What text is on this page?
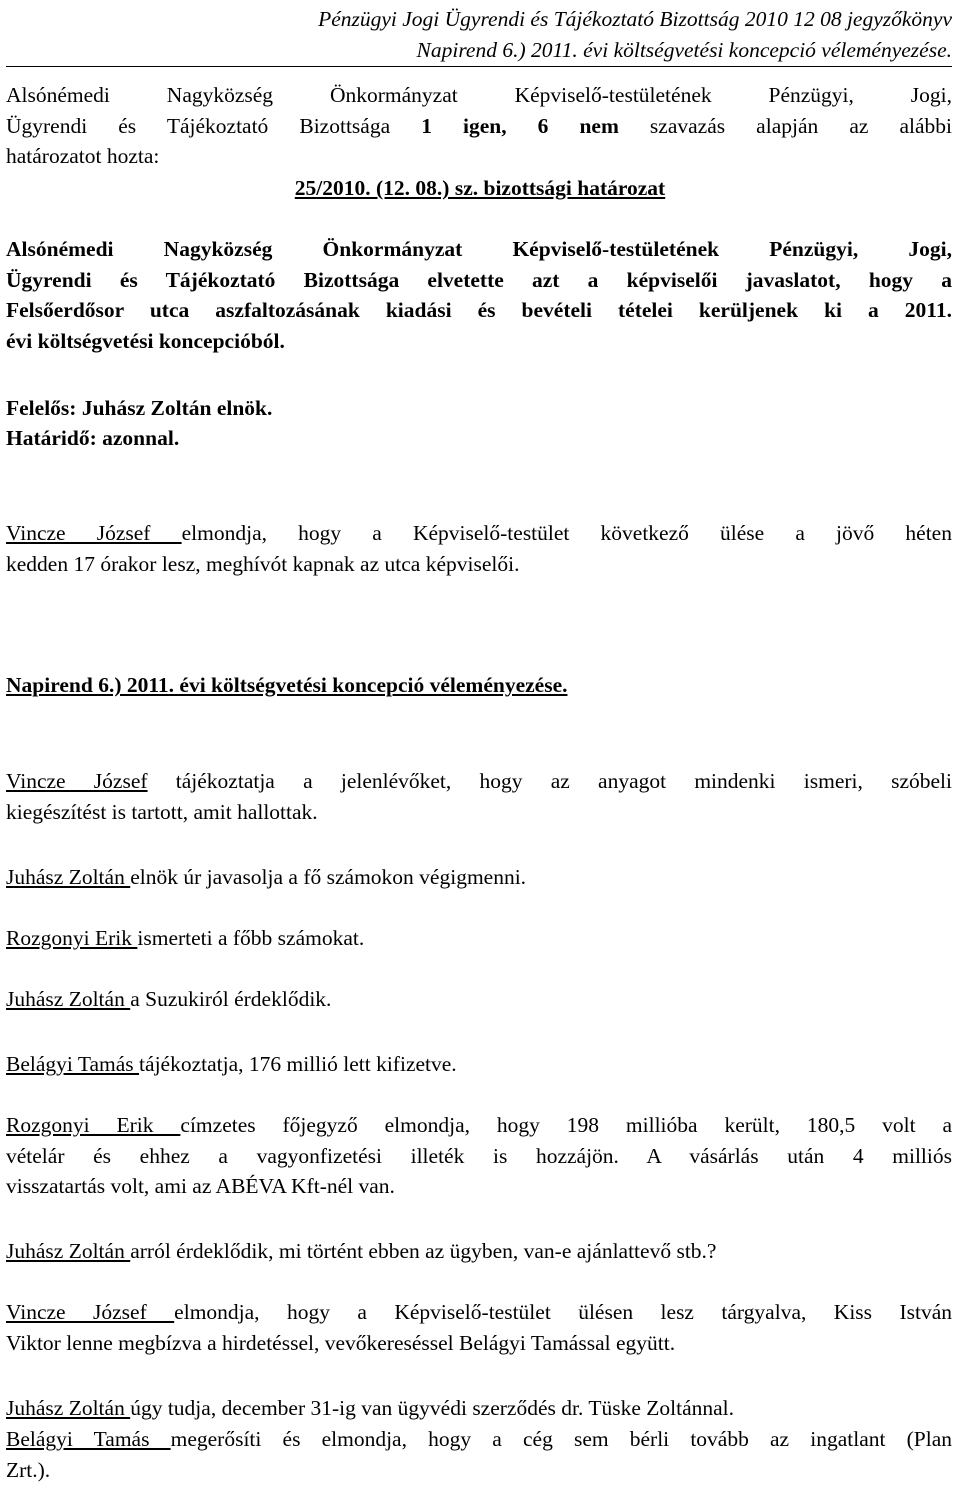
Pénzügyi Jogi Ügyrendi és Tájékoztató Bizottság 2010 12 08 jegyzőkönyv
Napirend 6.) 2011. évi költségvetési koncepció véleményezése.
Alsónémedi Nagyközség Önkormányzat Képviselő-testületének Pénzügyi, Jogi,
Ügyrendi és Tájékoztató Bizottsága 1 igen, 6 nem szavazás alapján az alábbi
határozatot hozta:
25/2010. (12. 08.) sz. bizottsági határozat
Alsónémedi Nagyközség Önkormányzat Képviselő-testületének Pénzügyi, Jogi,
Ügyrendi és Tájékoztató Bizottsága elvetette azt a képviselői javaslatot, hogy a
Felsőerdősor utca aszfaltozásának kiadási és bevételi tételei kerüljenek ki a 2011.
évi költségvetési koncepcióból.
Felelős: Juhász Zoltán elnök.
Határidő: azonnal.
Vincze József elmondja, hogy a Képviselő-testület következő ülése a jövő héten
kedden 17 órakor lesz, meghívót kapnak az utca képviselői.
Napirend 6.) 2011. évi költségvetési koncepció véleményezése.
Vincze József tájékoztatja a jelenlévőket, hogy az anyagot mindenki ismeri, szóbeli
kiegészítést is tartott, amit hallottak.
Juhász Zoltán elnök úr javasolja a fő számokon végigmenni.
Rozgonyi Erik ismerteti a főbb számokat.
Juhász Zoltán a Suzukiról érdeklődik.
Belágyi Tamás tájékoztatja, 176 millió lett kifizetve.
Rozgonyi Erik címzetes főjegyző elmondja, hogy 198 millióba került, 180,5 volt a
vételár és ehhez a vagyonfizetési illeték is hozzájön. A vásárlás után 4 milliós
visszatartás volt, ami az ABÉVA Kft-nél van.
Juhász Zoltán arról érdeklődik, mi történt ebben az ügyben, van-e ajánlattevő stb.?
Vincze József elmondja, hogy a Képviselő-testület ülésen lesz tárgyalva, Kiss István
Viktor lenne megbízva a hirdetéssel, vevőkereséssel Belágyi Tamással együtt.
Juhász Zoltán úgy tudja, december 31-ig van ügyvédi szerződés dr. Tüske Zoltánnal.
Belágyi Tamás megerősíti és elmondja, hogy a cég sem bérli tovább az ingatlant (Plan
Zrt.).
